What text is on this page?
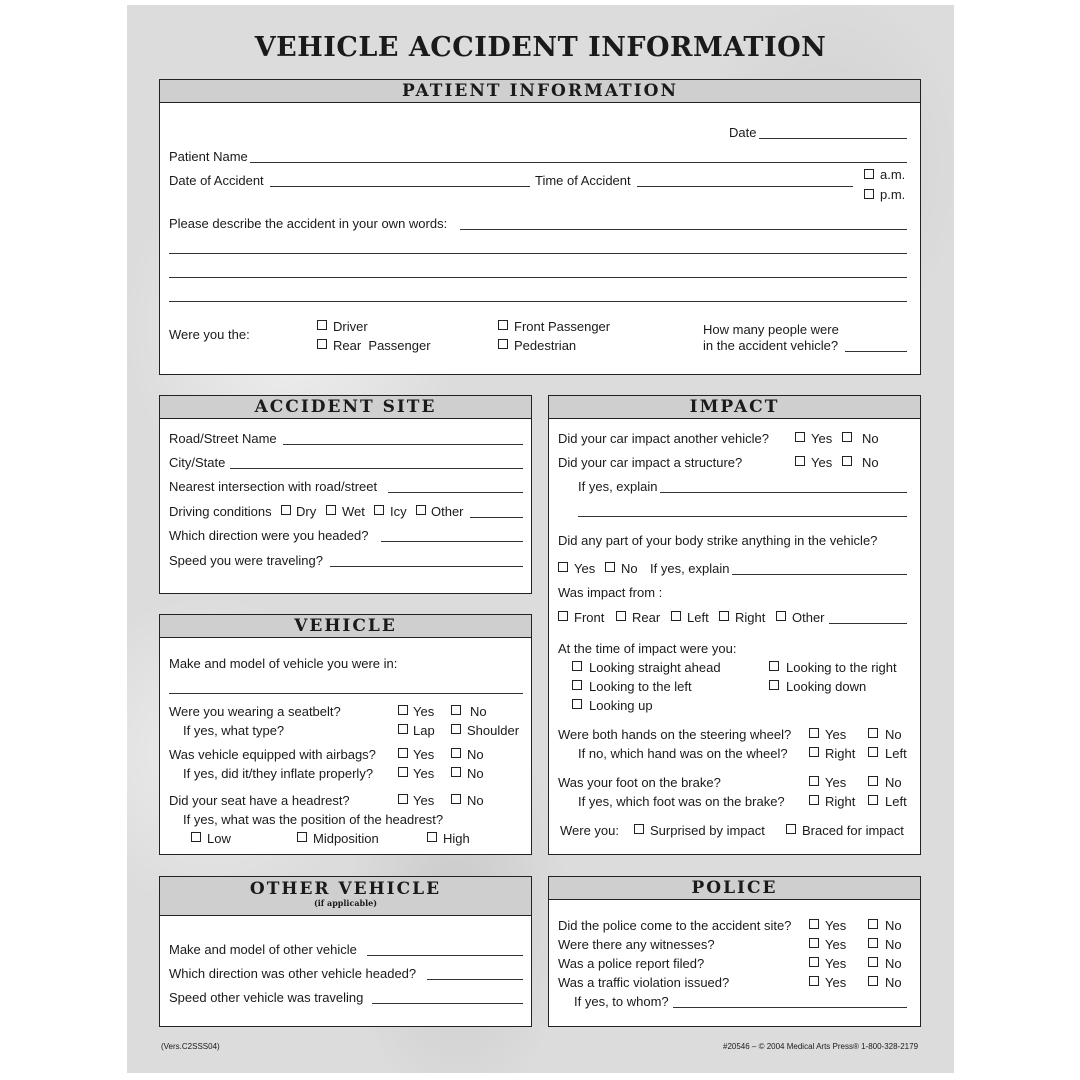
VEHICLE ACCIDENT INFORMATION
PATIENT INFORMATION
Date
Patient Name
Date of Accident	Time of Accident	a.m.
p.m.
Please describe the accident in your own words:
Were you the:
Driver
Rear  Passenger
Front Passenger
Pedestrian
How many people were
in the accident vehicle?
ACCIDENT SITE
Road/Street Name
City/State
Nearest intersection with road/street
Driving conditions Dry Wet Icy Other
Which direction were you headed?
Speed you were traveling?
VEHICLE
Make and model of vehicle you were in:
Were you wearing a seatbelt?	Yes	No
If yes, what type?	Lap Shoulder
Was vehicle equipped with airbags?	Yes	No
If yes, did it/they inflate properly?	Yes	No
Did your seat have a headrest?	Yes	No
If yes, what was the position of the headrest?
Low	Midposition	High
OTHER VEHICLE
(if applicable)
Make and model of other vehicle
Which direction was other vehicle headed?
Speed other vehicle was traveling
IMPACT
Did your car impact another vehicle?	Yes No
Did your car impact a structure?	Yes No
If yes, explain
Did any part of your body strike anything in the vehicle?
Yes No If yes, explain
Was impact from :
Front Rear Left Right Other
At the time of impact were you:
Looking straight ahead	Looking to the right
Looking to the left	Looking down
Looking up
Were both hands on the steering wheel?	Yes	No
If no, which hand was on the wheel?	Right Left
Was your foot on the brake?	Yes	No
If yes, which foot was on the brake?	Right Left
Were you: Surprised by impact	Braced for impact
POLICE
Did the police come to the accident site?	Yes	No
Were there any witnesses?	Yes	No
Was a police report filed?	Yes	No
Was a traffic violation issued?	Yes	No
If yes, to whom?
(Vers.C2SSS04)	#20546 – © 2004 Medical Arts Press® 1-800-328-2179
